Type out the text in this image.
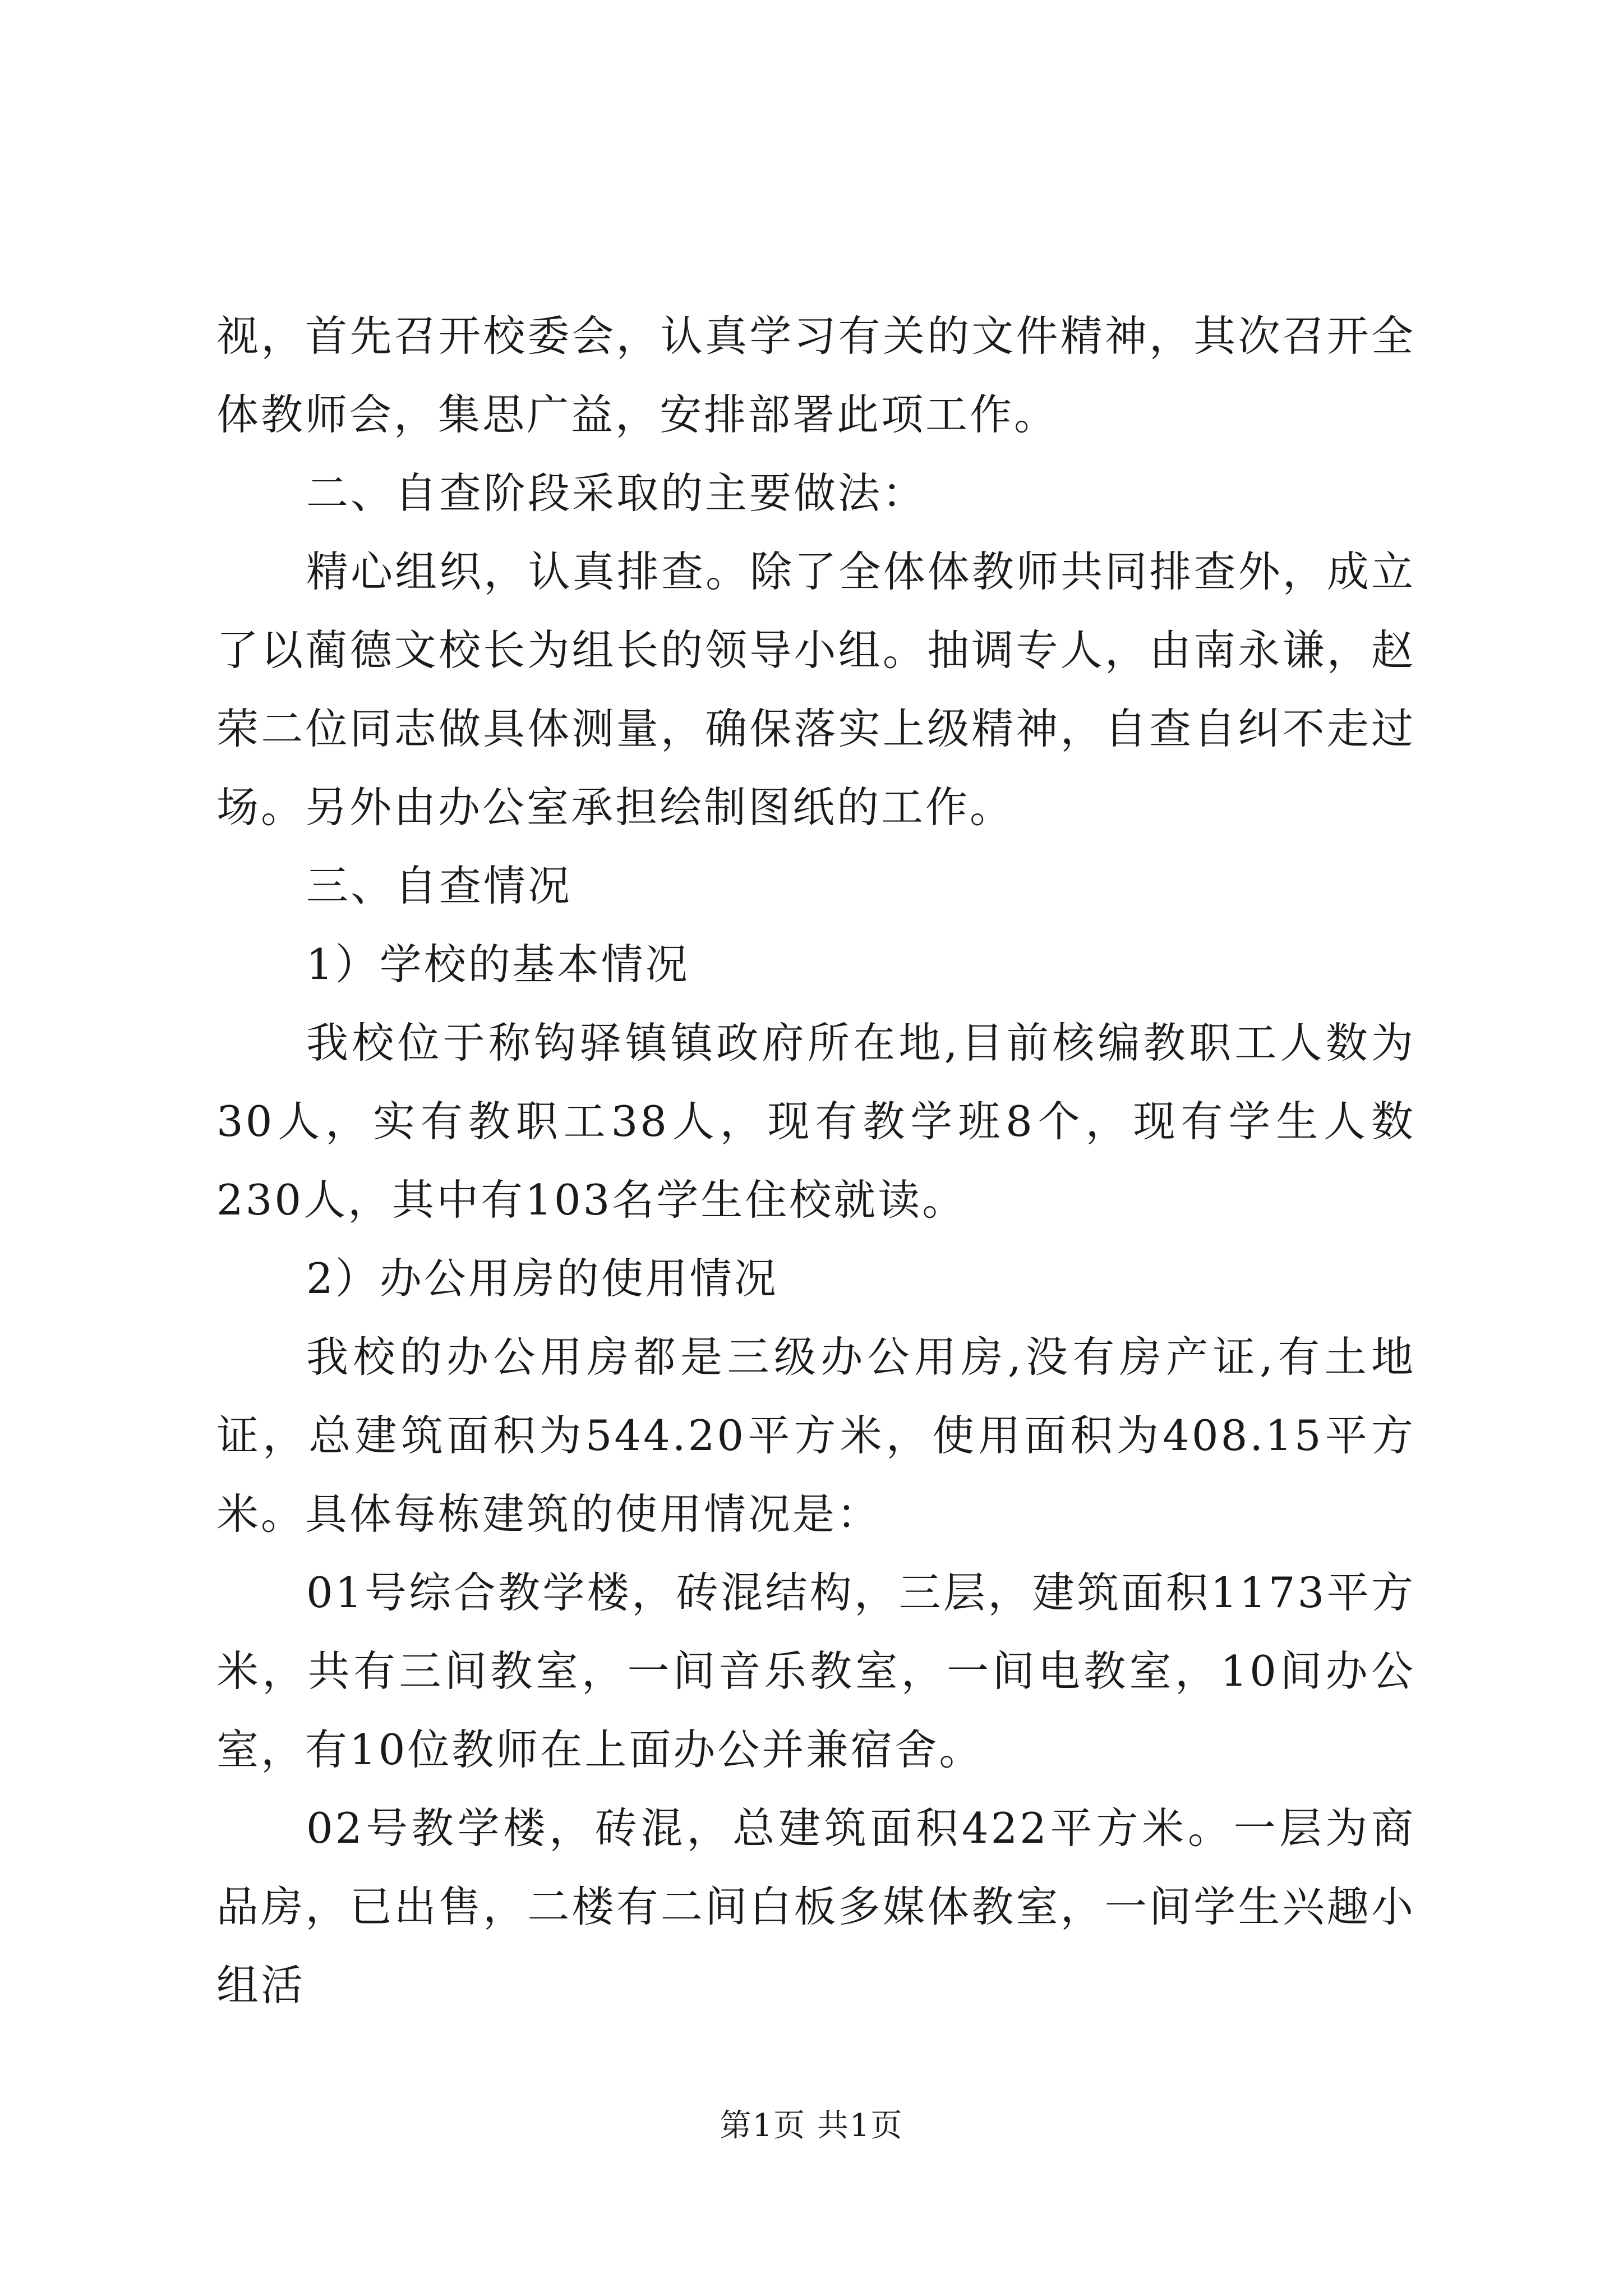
视，首先召开校委会，认真学习有关的文件精神，其次召开全体教师会，集思广益，安排部署此项工作。

二、自查阶段采取的主要做法：

精心组织，认真排查。除了全体体教师共同排查外，成立了以蔺德文校长为组长的领导小组。抽调专人，由南永谦，赵荣二位同志做具体测量，确保落实上级精神，自查自纠不走过场。另外由办公室承担绘制图纸的工作。

三、自查情况

1）学校的基本情况

我校位于称钩驿镇镇政府所在地,目前核编教职工人数为30人，实有教职工38人，现有教学班8个，现有学生人数230人，其中有103名学生住校就读。

2）办公用房的使用情况

我校的办公用房都是三级办公用房,没有房产证,有土地证，总建筑面积为544.20平方米，使用面积为408.15平方米。具体每栋建筑的使用情况是：

01号综合教学楼，砖混结构，三层，建筑面积1173平方米，共有三间教室，一间音乐教室，一间电教室，10间办公室，有10位教师在上面办公并兼宿舍。

02号教学楼，砖混，总建筑面积422平方米。一层为商品房，已出售，二楼有二间白板多媒体教室，一间学生兴趣小组活

第1页 共1页
